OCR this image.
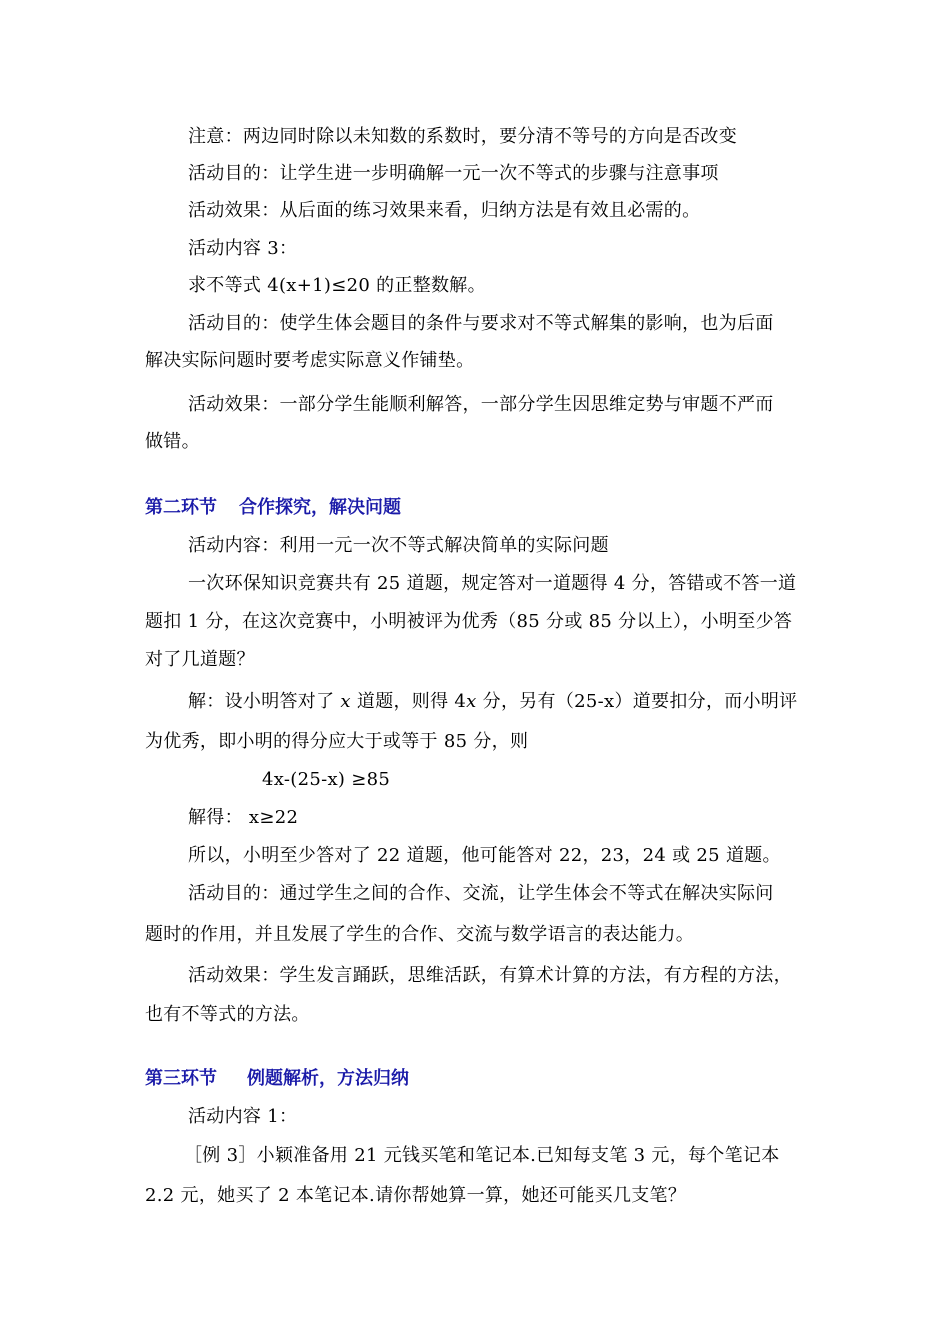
注意：两边同时除以未知数的系数时，要分清不等号的方向是否改变
活动目的：让学生进一步明确解一元一次不等式的步骤与注意事项
活动效果：从后面的练习效果来看，归纳方法是有效且必需的。
活动内容 3：
求不等式 4(x+1)≤20 的正整数解。
活动目的：使学生体会题目的条件与要求对不等式解集的影响，也为后面
解决实际问题时要考虑实际意义作铺垫。
活动效果：一部分学生能顺利解答，一部分学生因思维定势与审题不严而
做错。
第二环节 合作探究，解决问题
活动内容：利用一元一次不等式解决简单的实际问题
一次环保知识竞赛共有 25 道题，规定答对一道题得 4 分，答错或不答一道
题扣 1 分，在这次竞赛中，小明被评为优秀（85 分或 85 分以上），小明至少答
对了几道题？
解：设小明答对了 x 道题，则得 4x 分，另有（25-x）道要扣分，而小明评
为优秀，即小明的得分应大于或等于 85 分，则
4x-(25-x) ≥85
解得： x≥22
所以，小明至少答对了 22 道题，他可能答对 22，23，24 或 25 道题。
活动目的：通过学生之间的合作、交流，让学生体会不等式在解决实际问
题时的作用，并且发展了学生的合作、交流与数学语言的表达能力。
活动效果：学生发言踊跃，思维活跃，有算术计算的方法，有方程的方法，
也有不等式的方法。
第三环节 例题解析，方法归纳
活动内容 1：
［例 3］小颖准备用 21 元钱买笔和笔记本.已知每支笔 3 元，每个笔记本
2.2 元，她买了 2 本笔记本.请你帮她算一算，她还可能买几支笔？
